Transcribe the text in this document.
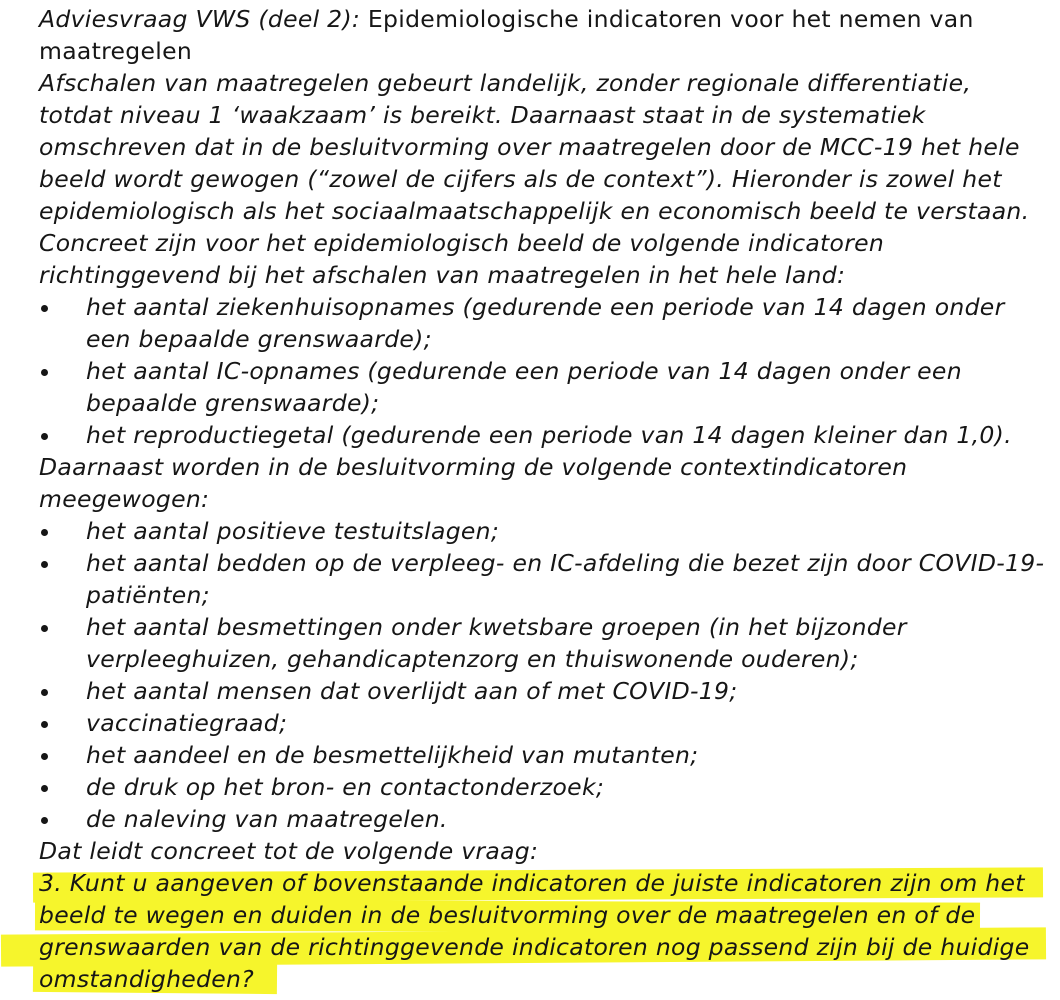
Adviesvraag VWS (deel 2): Epidemiologische indicatoren voor het nemen van maatregelen

Afschalen van maatregelen gebeurt landelijk, zonder regionale differentiatie, totdat niveau 1 ‘waakzaam’ is bereikt. Daarnaast staat in de systematiek omschreven dat in de besluitvorming over maatregelen door de MCC-19 het hele beeld wordt gewogen (“zowel de cijfers als de context”). Hieronder is zowel het epidemiologisch als het sociaalmaatschappelijk en economisch beeld te verstaan. Concreet zijn voor het epidemiologisch beeld de volgende indicatoren richtinggevend bij het afschalen van maatregelen in het hele land:

het aantal ziekenhuisopnames (gedurende een periode van 14 dagen onder een bepaalde grenswaarde);
het aantal IC-opnames (gedurende een periode van 14 dagen onder een bepaalde grenswaarde);
het reproductiegetal (gedurende een periode van 14 dagen kleiner dan 1,0).

Daarnaast worden in de besluitvorming de volgende contextindicatoren meegewogen:

het aantal positieve testuitslagen;
het aantal bedden op de verpleeg- en IC-afdeling die bezet zijn door COVID-19-patiënten;
het aantal besmettingen onder kwetsbare groepen (in het bijzonder verpleeghuizen, gehandicaptenzorg en thuiswonende ouderen);
het aantal mensen dat overlijdt aan of met COVID-19;
vaccinatiegraad;
het aandeel en de besmettelijkheid van mutanten;
de druk op het bron- en contactonderzoek;
de naleving van maatregelen.

Dat leidt concreet tot de volgende vraag:

3. Kunt u aangeven of bovenstaande indicatoren de juiste indicatoren zijn om het beeld te wegen en duiden in de besluitvorming over de maatregelen en of de grenswaarden van de richtinggevende indicatoren nog passend zijn bij de huidige omstandigheden?
